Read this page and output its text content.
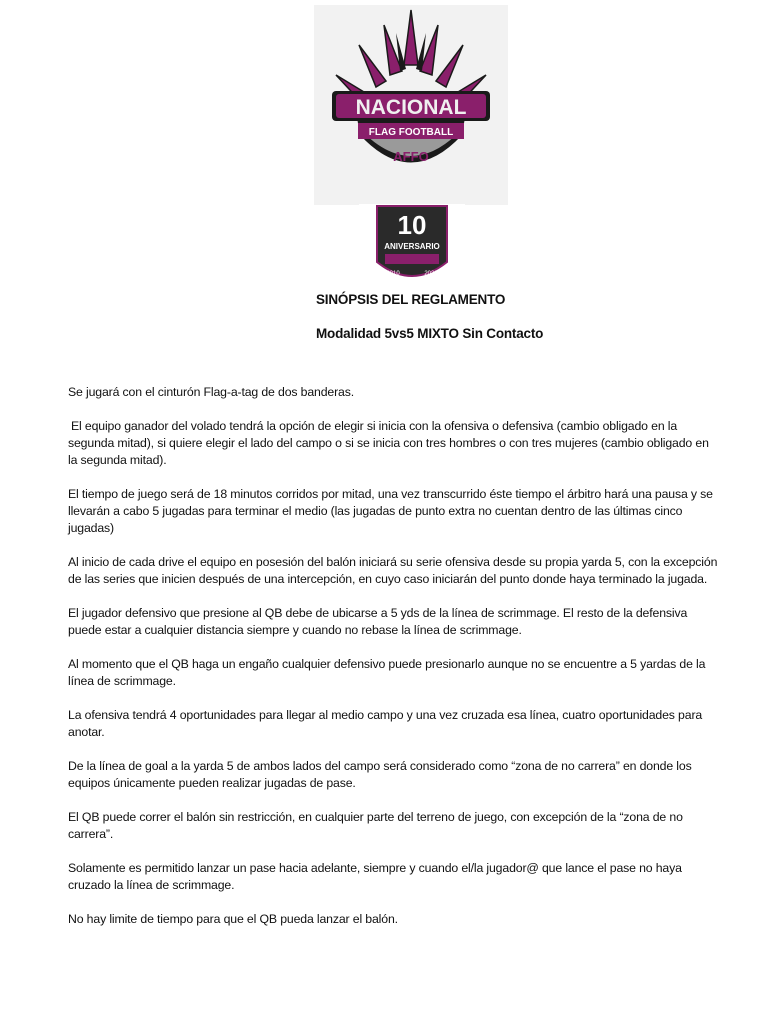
NACIONAL
FLAG FOOTBALL
AFFO
10
ANIVERSARIO
2010	2020
SINÓPSIS DEL REGLAMENTO
Modalidad 5vs5 MIXTO Sin Contacto

Se jugará con el cinturón Flag-a-tag de dos banderas.

El equipo ganador del volado tendrá la opción de elegir si inicia con la ofensiva o defensiva (cambio obligado en la segunda mitad), si quiere elegir el lado del campo o si se inicia con tres hombres o con tres mujeres (cambio obligado en la segunda mitad).

El tiempo de juego será de 18 minutos corridos por mitad, una vez transcurrido éste tiempo el árbitro hará una pausa y se llevarán a cabo 5 jugadas para terminar el medio (las jugadas de punto extra no cuentan dentro de las últimas cinco jugadas)

Al inicio de cada drive el equipo en posesión del balón iniciará su serie ofensiva desde su propia yarda 5, con la excepción de las series que inicien después de una intercepción, en cuyo caso iniciarán del punto donde haya terminado la jugada.

El jugador defensivo que presione al QB debe de ubicarse a 5 yds de la línea de scrimmage. El resto de la defensiva puede estar a cualquier distancia siempre y cuando no rebase la línea de scrimmage.

Al momento que el QB haga un engaño cualquier defensivo puede presionarlo aunque no se encuentre a 5 yardas de la línea de scrimmage.

La ofensiva tendrá 4 oportunidades para llegar al medio campo y una vez cruzada esa línea, cuatro oportunidades para anotar.

De la línea de goal a la yarda 5 de ambos lados del campo será considerado como “zona de no carrera” en donde los equipos únicamente pueden realizar jugadas de pase.

El QB puede correr el balón sin restricción, en cualquier parte del terreno de juego, con excepción de la “zona de no carrera”.

Solamente es permitido lanzar un pase hacia adelante, siempre y cuando el/la jugador@ que lance el pase no haya cruzado la línea de scrimmage.

No hay limite de tiempo para que el QB pueda lanzar el balón.
